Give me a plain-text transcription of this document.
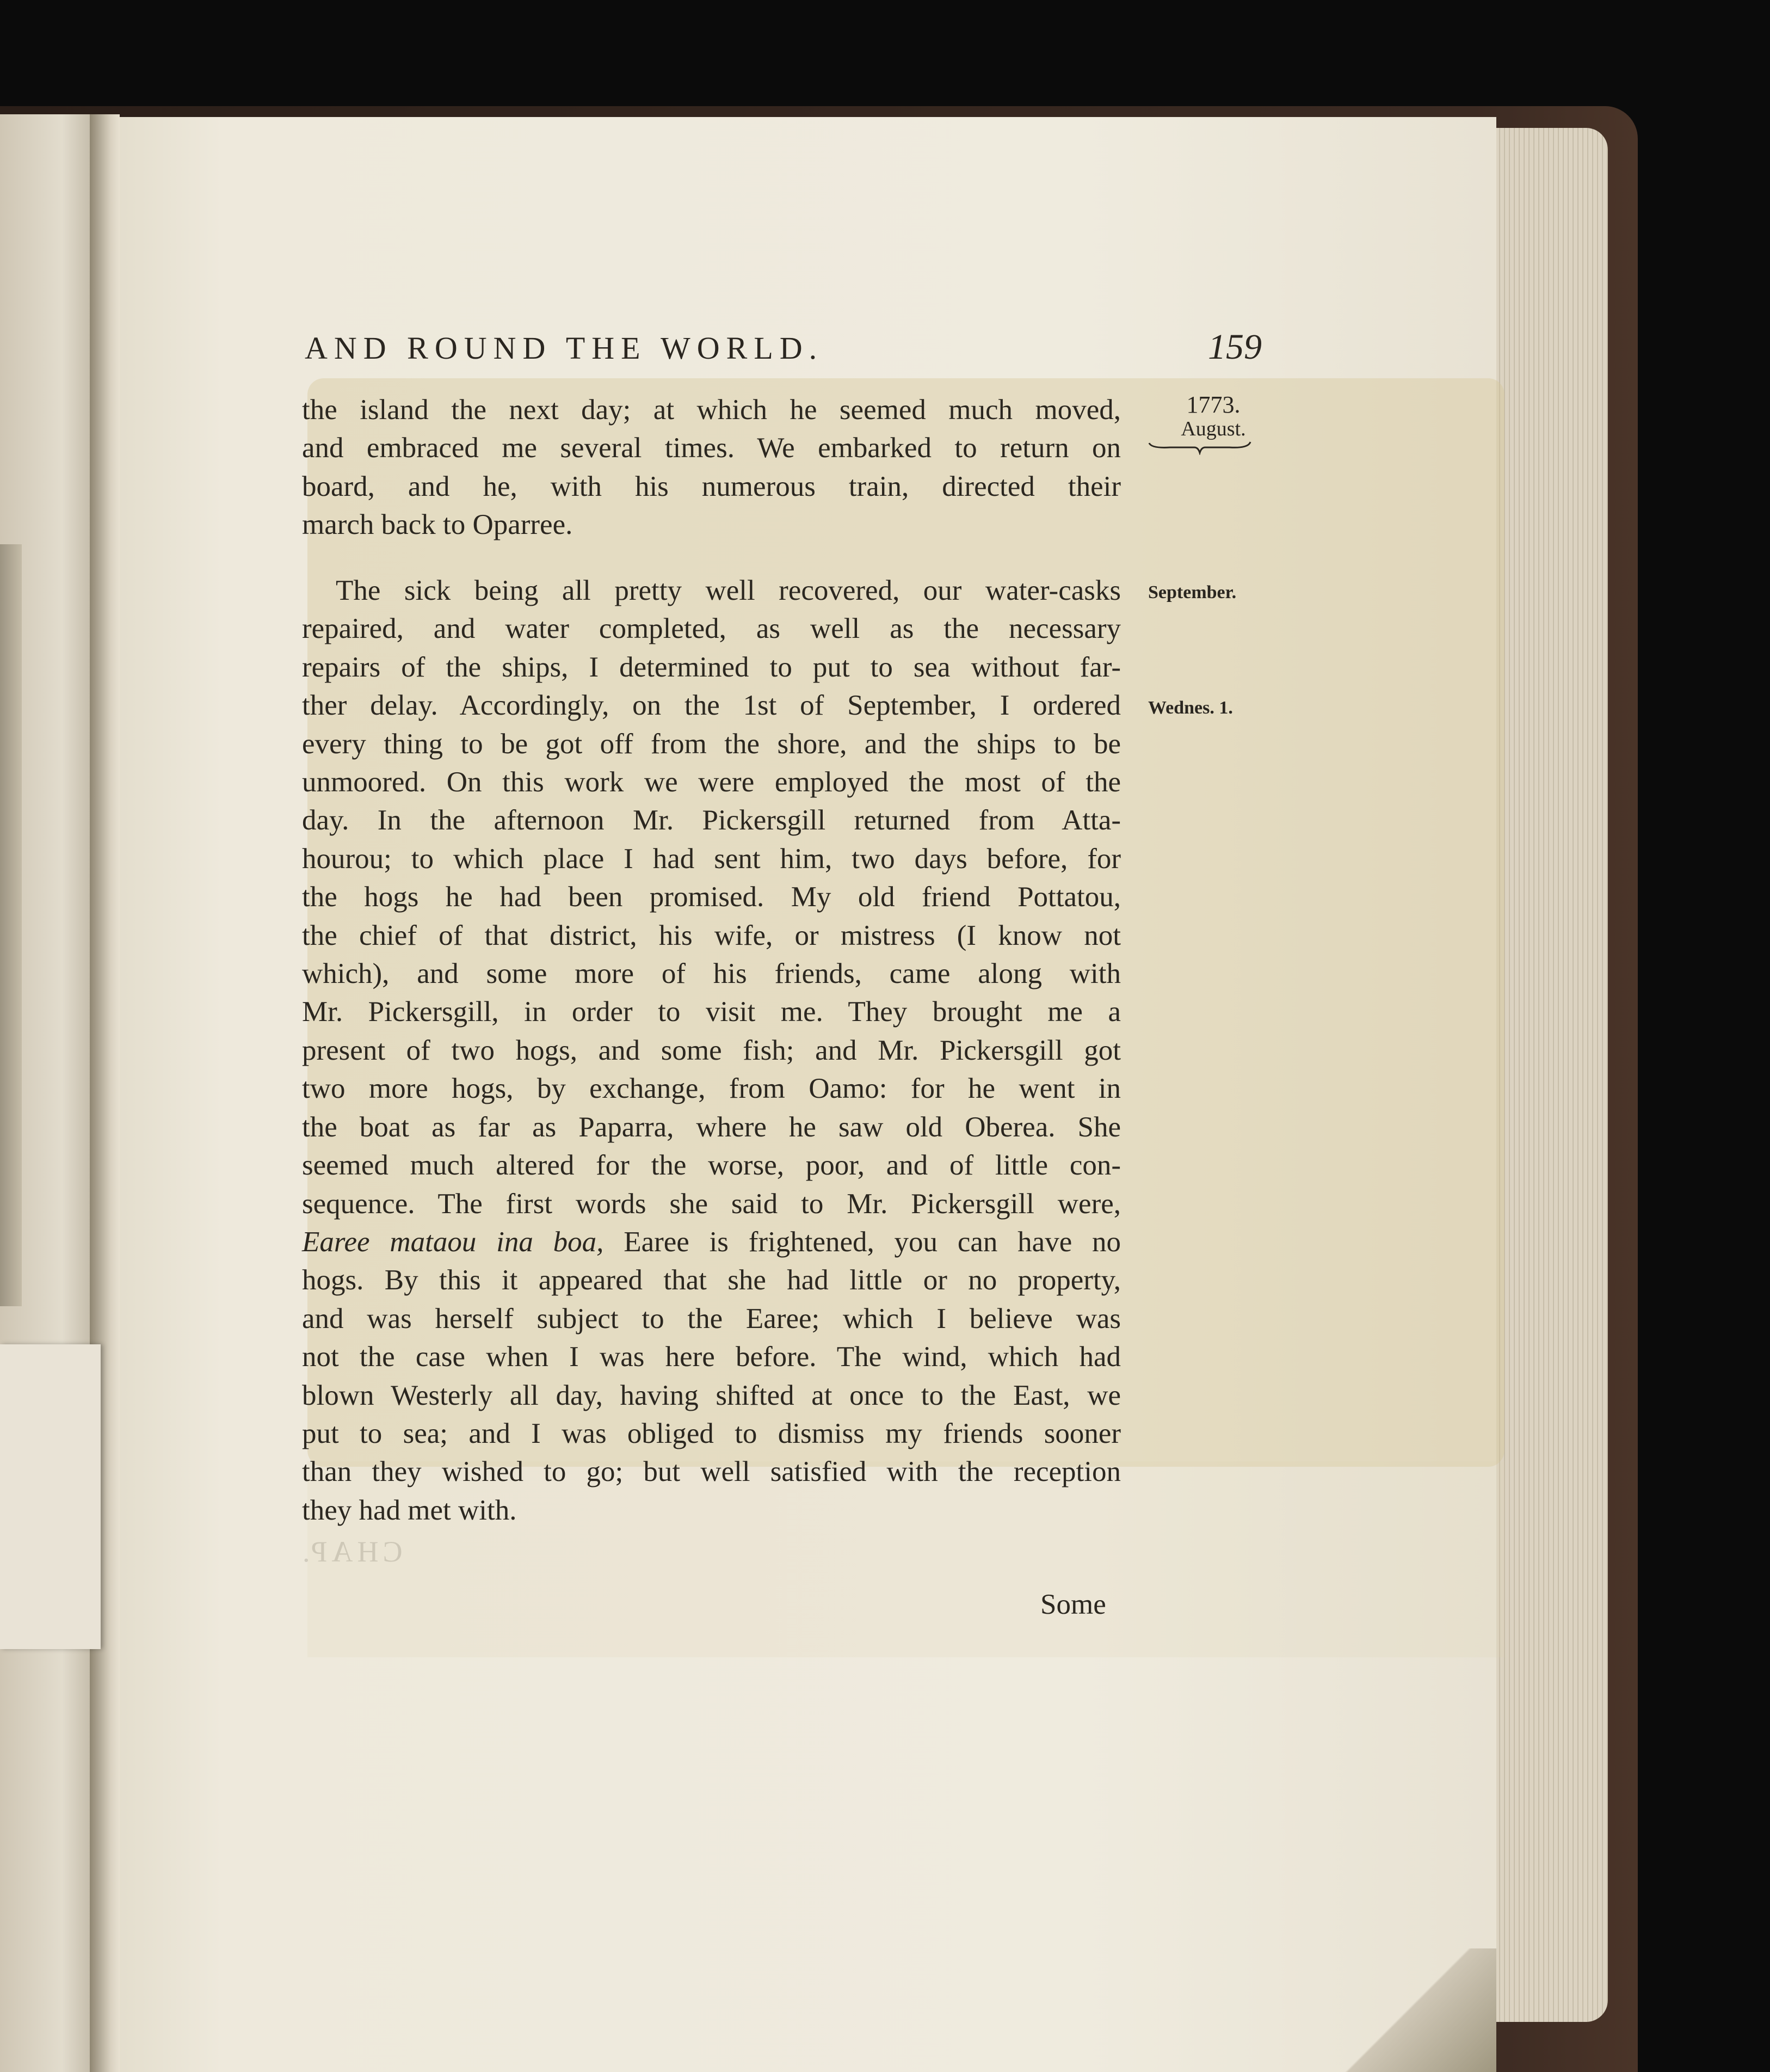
AND ROUND THE WORLD.	159
1773.
August.
September.
Wednes. 1.
the island the next day; at which he seemed much moved,
and embraced me several times. We embarked to return on
board, and he, with his numerous train, directed their
march back to Oparree.
The sick being all pretty well recovered, our water-casks
repaired, and water completed, as well as the necessary
repairs of the ships, I determined to put to sea without far-
ther delay. Accordingly, on the 1st of September, I ordered
every thing to be got off from the shore, and the ships to be
unmoored. On this work we were employed the most of the
day. In the afternoon Mr. Pickersgill returned from Atta-
hourou; to which place I had sent him, two days before, for
the hogs he had been promised. My old friend Pottatou,
the chief of that district, his wife, or mistress (I know not
which), and some more of his friends, came along with
Mr. Pickersgill, in order to visit me. They brought me a
present of two hogs, and some fish; and Mr. Pickersgill got
two more hogs, by exchange, from Oamo: for he went in
the boat as far as Paparra, where he saw old Oberea. She
seemed much altered for the worse, poor, and of little con-
sequence. The first words she said to Mr. Pickersgill were,
Earee mataou ina boa, Earee is frightened, you can have no
hogs. By this it appeared that she had little or no property,
and was herself subject to the Earee; which I believe was
not the case when I was here before. The wind, which had
blown Westerly all day, having shifted at once to the East, we
put to sea; and I was obliged to dismiss my friends sooner
than they wished to go; but well satisfied with the reception
they had met with.
CHAP.
Some
